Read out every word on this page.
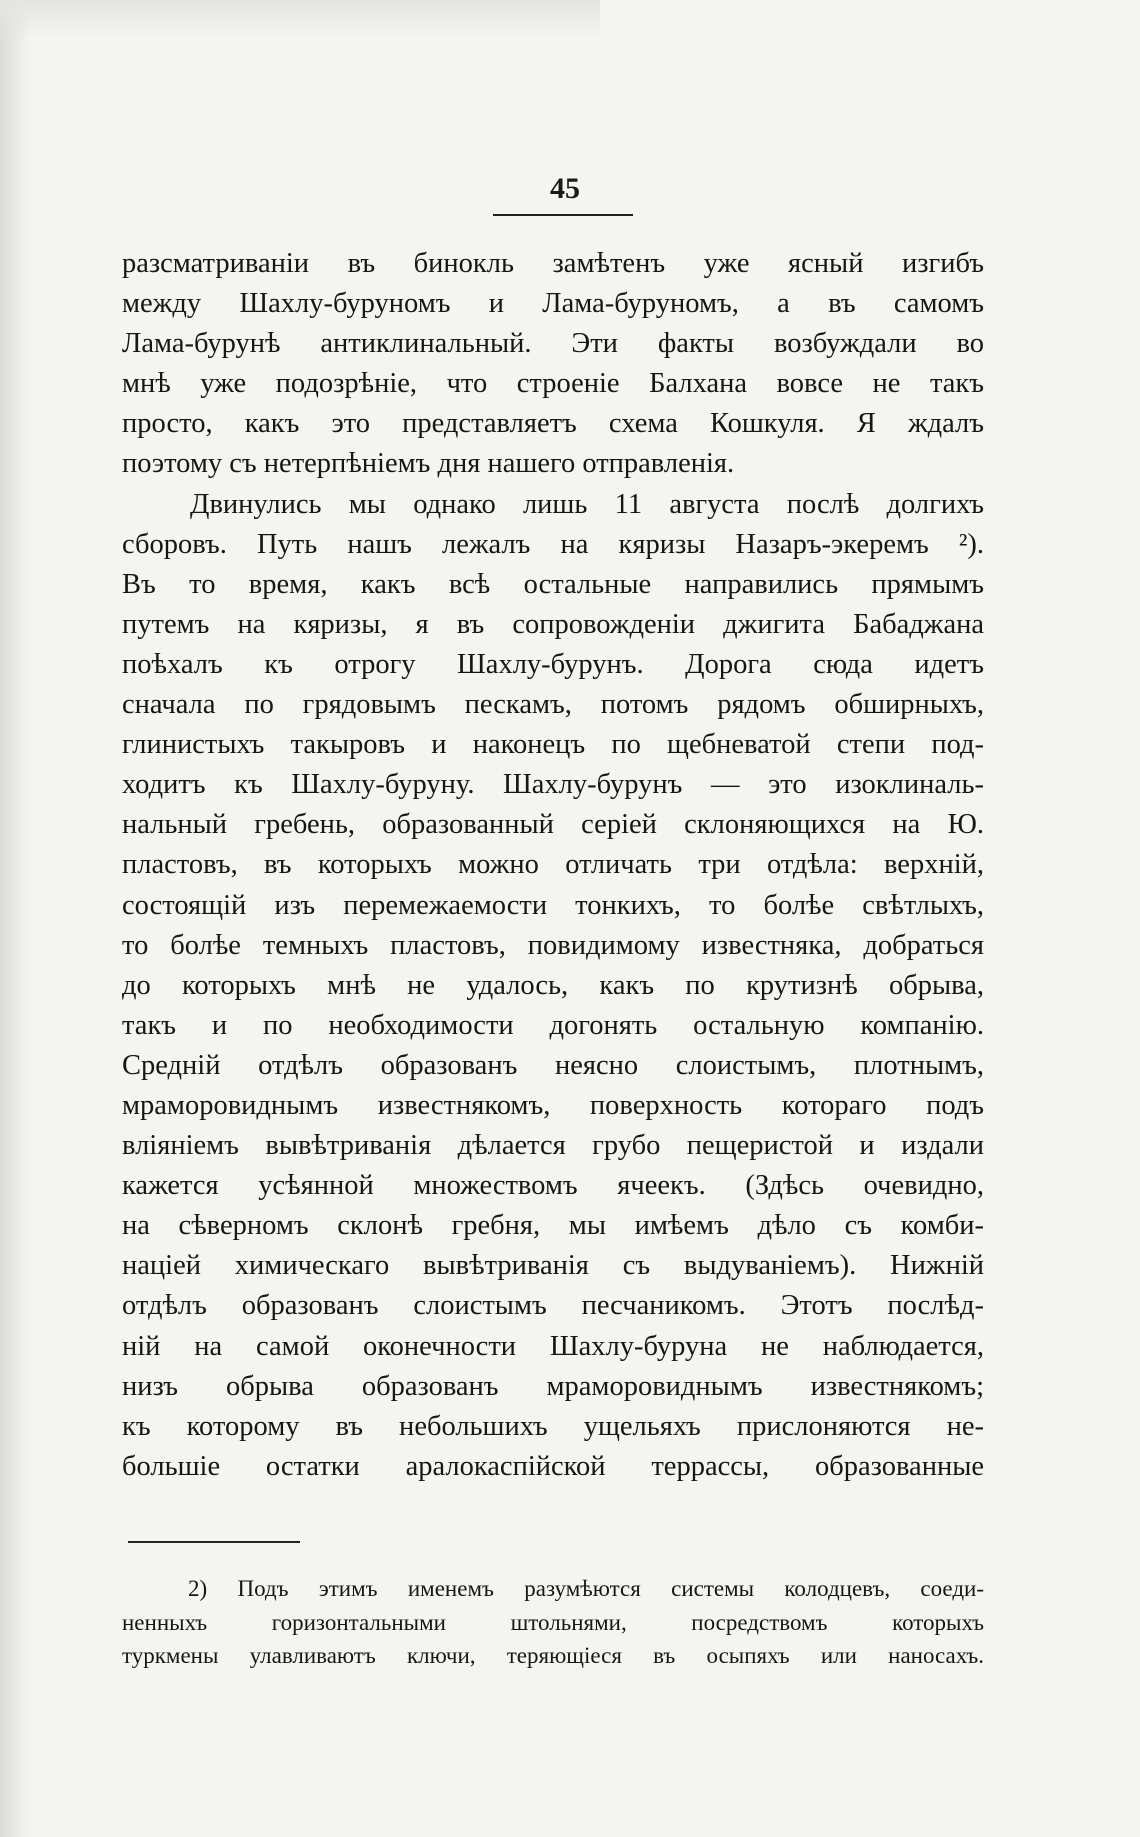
45
разсматриваніи въ бинокль замѣтенъ уже ясный изгибъ
между Шахлу-буруномъ и Лама-буруномъ, а въ самомъ
Лама-бурунѣ антиклинальный. Эти факты возбуждали во
мнѣ уже подозрѣніе, что строеніе Балхана вовсе не такъ
просто, какъ это представляетъ схема Кошкуля. Я ждалъ
поэтому съ нетерпѣніемъ дня нашего отправленія.
Двинулись мы однако лишь 11 августа послѣ долгихъ
сборовъ. Путь нашъ лежалъ на кяризы Назаръ-экеремъ ²).
Въ то время, какъ всѣ остальные направились прямымъ
путемъ на кяризы, я въ сопровожденіи джигита Бабаджана
поѣхалъ къ отрогу Шахлу-бурунъ. Дорога сюда идетъ
сначала по грядовымъ пескамъ, потомъ рядомъ обширныхъ,
глинистыхъ такыровъ и наконецъ по щебневатой степи под-
ходитъ къ Шахлу-буруну. Шахлу-бурунъ — это изоклиналь-
нальный гребень, образованный серіей склоняющихся на Ю.
пластовъ, въ которыхъ можно отличать три отдѣла: верхній,
состоящій изъ перемежаемости тонкихъ, то болѣе свѣтлыхъ,
то болѣе темныхъ пластовъ, повидимому известняка, добраться
до которыхъ мнѣ не удалось, какъ по крутизнѣ обрыва,
такъ и по необходимости догонять остальную компанію.
Средній отдѣлъ образованъ неясно слоистымъ, плотнымъ,
мраморовиднымъ известнякомъ, поверхность котораго подъ
вліяніемъ вывѣтриванія дѣлается грубо пещеристой и издали
кажется усѣянной множествомъ ячеекъ. (Здѣсь очевидно,
на сѣверномъ склонѣ гребня, мы имѣемъ дѣло съ комби-
націей химическаго вывѣтриванія съ выдуваніемъ). Нижній
отдѣлъ образованъ слоистымъ песчаникомъ. Этотъ послѣд-
ній на самой оконечности Шахлу-буруна не наблюдается,
низъ обрыва образованъ мраморовиднымъ известнякомъ;
къ которому въ небольшихъ ущельяхъ прислоняются не-
большіе остатки аралокаспійской террассы, образованные
2) Подъ этимъ именемъ разумѣются системы колодцевъ, соеди-
ненныхъ горизонтальными штольнями, посредствомъ которыхъ
туркмены улавливаютъ ключи, теряющіеся въ осыпяхъ или наносахъ.
